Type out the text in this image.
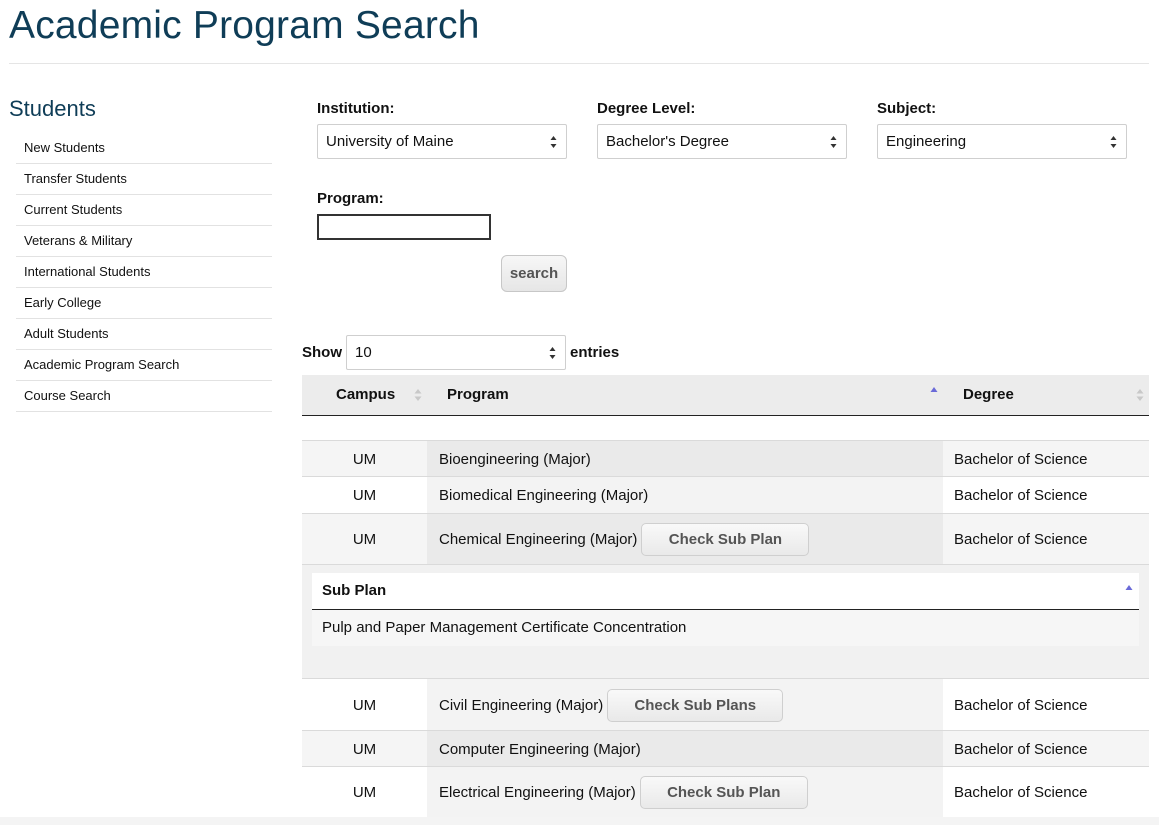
Academic Program Search
Students
New Students
Transfer Students
Current Students
Veterans & Military
International Students
Early College
Adult Students
Academic Program Search
Course Search
Institution:
University of Maine
Degree Level:
Bachelor's Degree
Subject:
Engineering
Program:
search
Show 10	entries
Campus	Program	Degree
UM	Bioengineering (Major)	Bachelor of Science
UM	Biomedical Engineering (Major)	Bachelor of Science
UM	Chemical Engineering (Major)	Check Sub Plan	Bachelor of Science
Sub Plan
Pulp and Paper Management Certificate Concentration
UM	Civil Engineering (Major)	Check Sub Plans	Bachelor of Science
UM	Computer Engineering (Major)	Bachelor of Science
UM	Electrical Engineering (Major)	Check Sub Plan	Bachelor of Science
